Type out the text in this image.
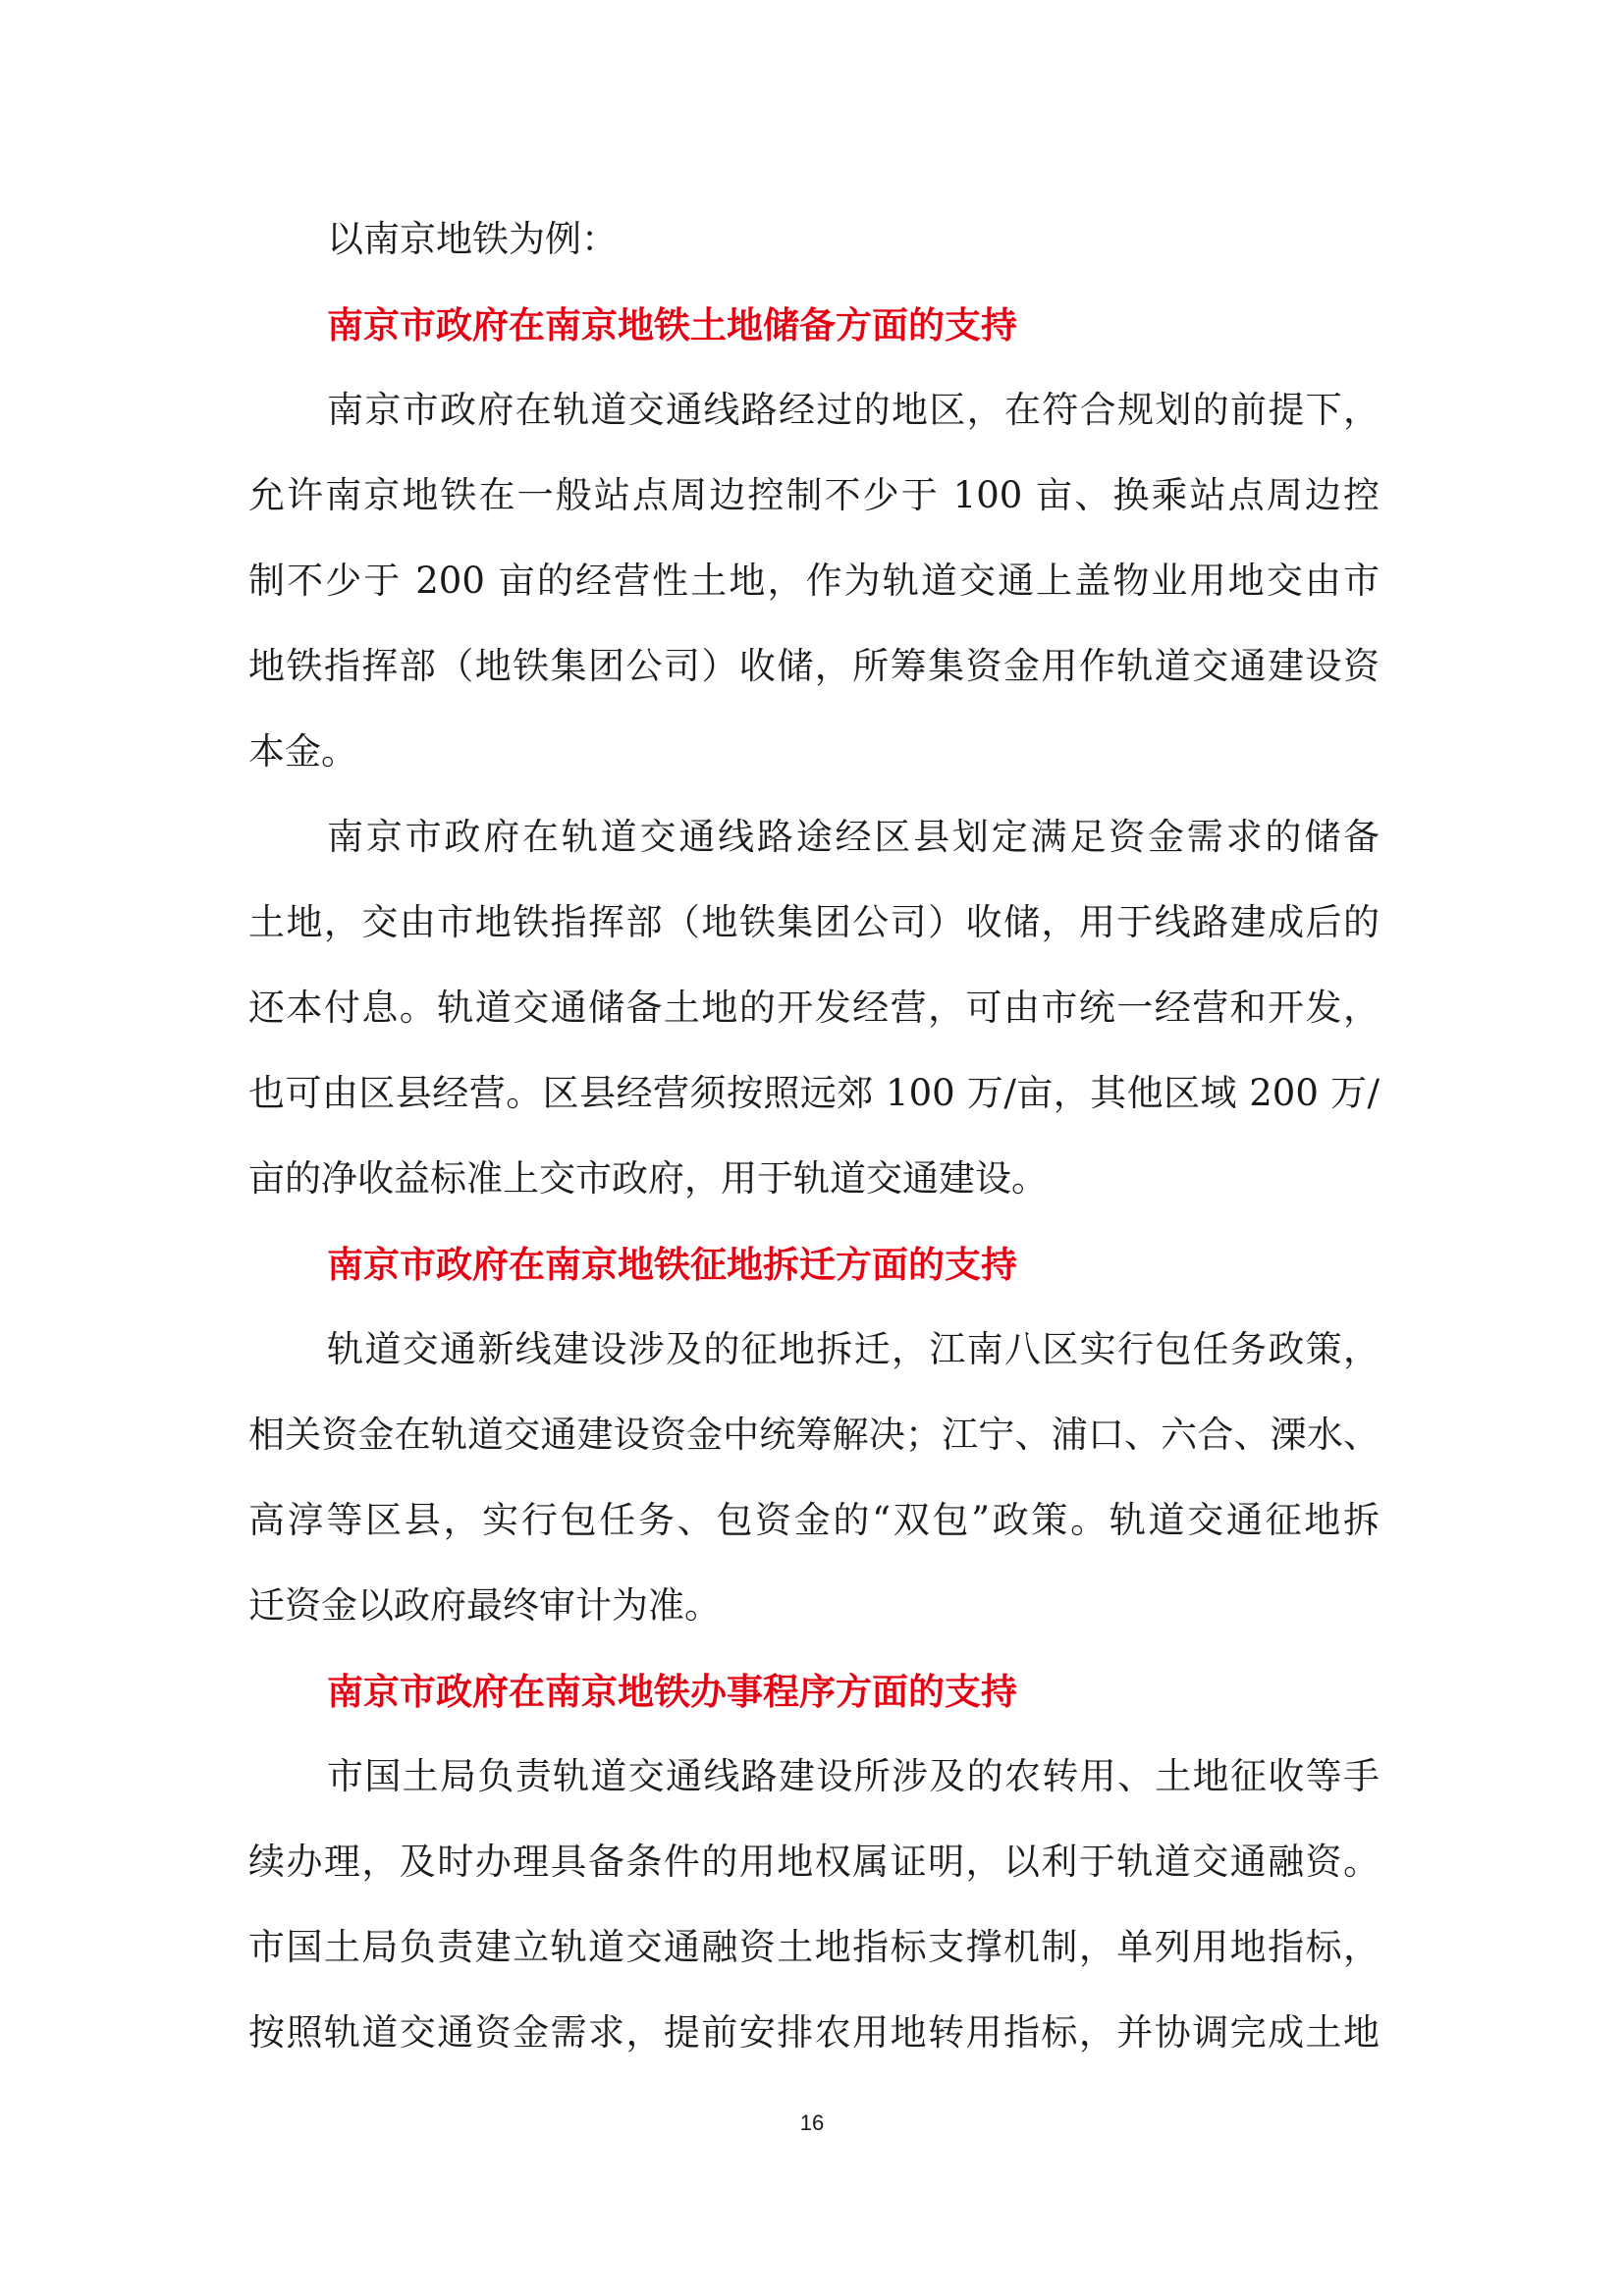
以南京地铁为例：
南京市政府在南京地铁土地储备方面的支持
南京市政府在轨道交通线路经过的地区，在符合规划的前提下，
允许南京地铁在一般站点周边控制不少于 100 亩、换乘站点周边控
制不少于 200 亩的经营性土地，作为轨道交通上盖物业用地交由市
地铁指挥部（地铁集团公司）收储，所筹集资金用作轨道交通建设资
本金。
南京市政府在轨道交通线路途经区县划定满足资金需求的储备
土地，交由市地铁指挥部（地铁集团公司）收储，用于线路建成后的
还本付息。轨道交通储备土地的开发经营，可由市统一经营和开发，
也可由区县经营。区县经营须按照远郊 100 万/亩，其他区域 200 万/
亩的净收益标准上交市政府，用于轨道交通建设。
南京市政府在南京地铁征地拆迁方面的支持
轨道交通新线建设涉及的征地拆迁，江南八区实行包任务政策，
相关资金在轨道交通建设资金中统筹解决；江宁、浦口、六合、溧水、
高淳等区县，实行包任务、包资金的“双包”政策。轨道交通征地拆
迁资金以政府最终审计为准。
南京市政府在南京地铁办事程序方面的支持
市国土局负责轨道交通线路建设所涉及的农转用、土地征收等手
续办理，及时办理具备条件的用地权属证明，以利于轨道交通融资。
市国土局负责建立轨道交通融资土地指标支撑机制，单列用地指标，
按照轨道交通资金需求，提前安排农用地转用指标，并协调完成土地
16
